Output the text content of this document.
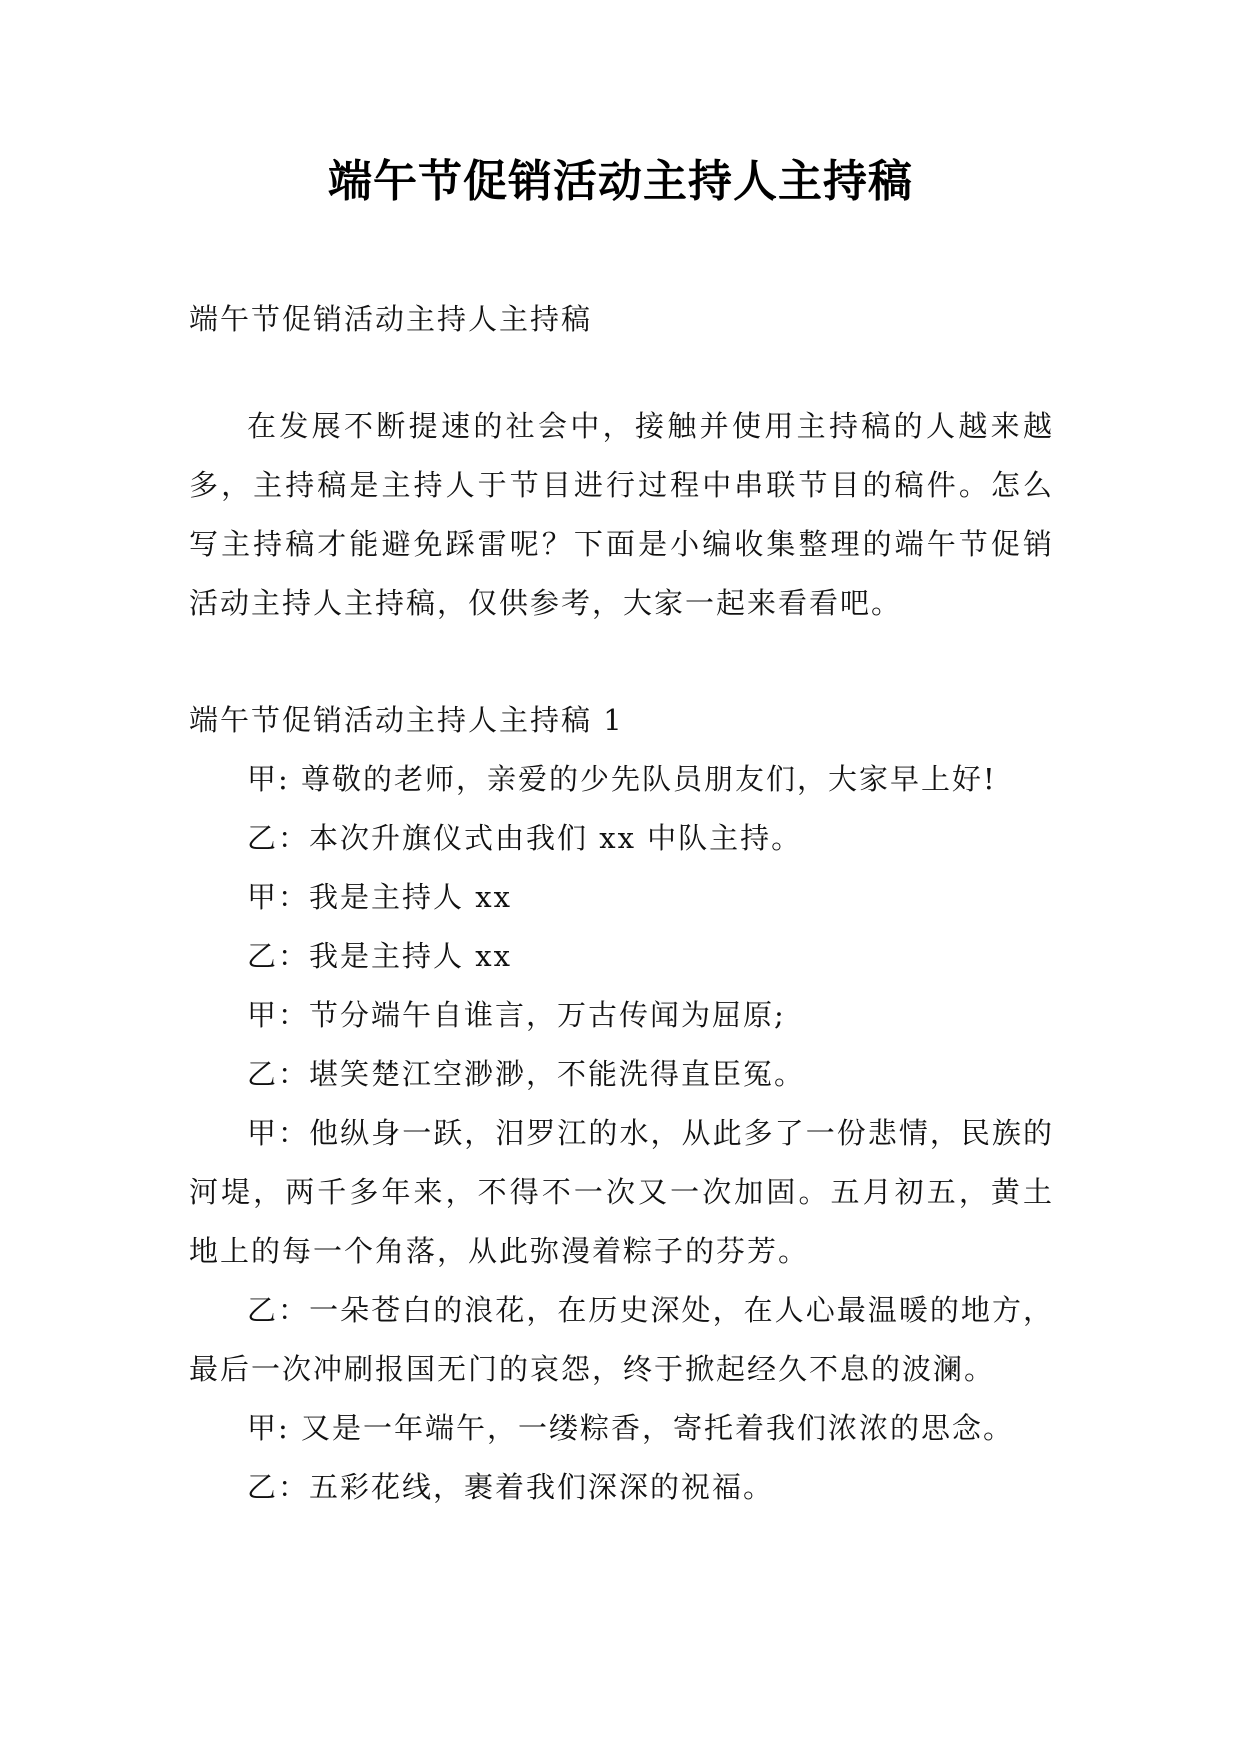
端午节促销活动主持人主持稿

端午节促销活动主持人主持稿

在发展不断提速的社会中，接触并使用主持稿的人越来越多，主持稿是主持人于节目进行过程中串联节目的稿件。怎么写主持稿才能避免踩雷呢？下面是小编收集整理的端午节促销活动主持人主持稿，仅供参考，大家一起来看看吧。

端午节促销活动主持人主持稿 1

甲: 尊敬的老师，亲爱的少先队员朋友们，大家早上好!

乙：本次升旗仪式由我们 xx 中队主持。

甲：我是主持人 xx

乙：我是主持人 xx

甲：节分端午自谁言，万古传闻为屈原;

乙：堪笑楚江空渺渺，不能洗得直臣冤。

甲：他纵身一跃，汨罗江的水，从此多了一份悲情，民族的河堤，两千多年来，不得不一次又一次加固。五月初五，黄土地上的每一个角落，从此弥漫着粽子的芬芳。

乙：一朵苍白的浪花，在历史深处，在人心最温暖的地方，最后一次冲刷报国无门的哀怨，终于掀起经久不息的波澜。

甲: 又是一年端午，一缕粽香，寄托着我们浓浓的思念。

乙：五彩花线，裹着我们深深的祝福。
